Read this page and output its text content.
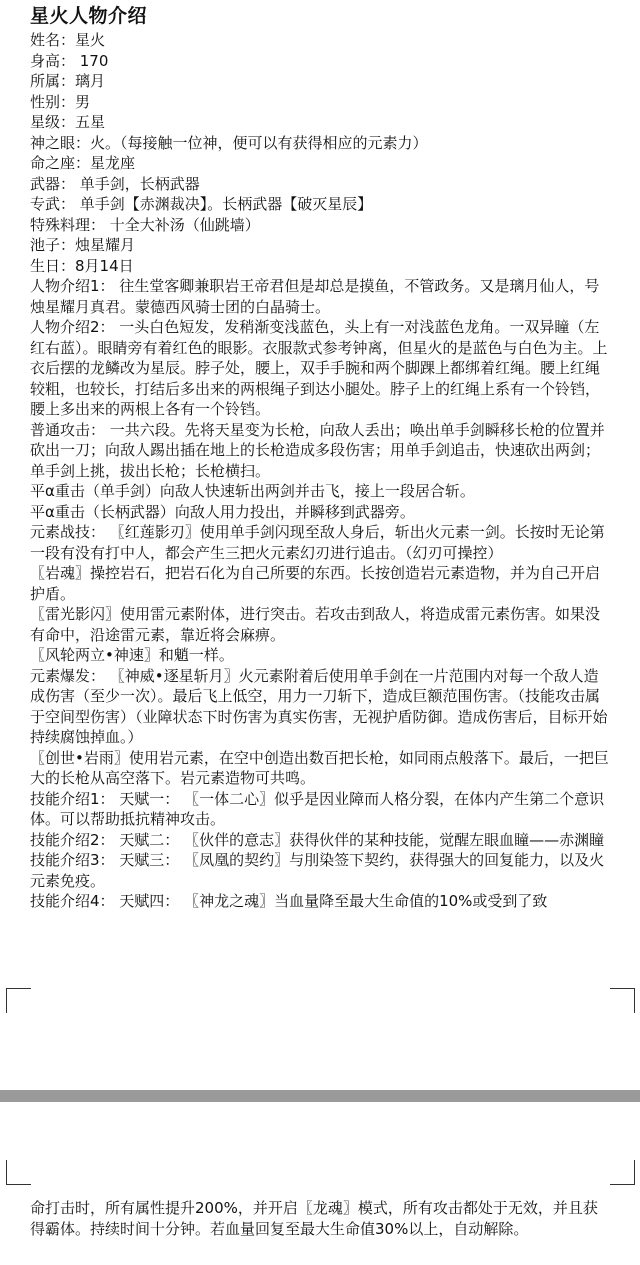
星火人物介绍
姓名：星火
身高： 170
所属：璃月
性别：男
星级：五星
神之眼：火。（每接触一位神，便可以有获得相应的元素力）
命之座：星龙座
武器： 单手剑，长柄武器
专武： 单手剑【赤渊裁决】。长柄武器【破灭星辰】
特殊料理： 十全大补汤（仙跳墙）
池子：烛星耀月
生日：8月14日
人物介绍1： 往生堂客卿兼职岩王帝君但是却总是摸鱼，不管政务。又是璃月仙人，号烛星耀月真君。蒙德西风骑士团的白晶骑士。
人物介绍2： 一头白色短发，发稍渐变浅蓝色，头上有一对浅蓝色龙角。一双异瞳（左红右蓝）。眼睛旁有着红色的眼影。衣服款式参考钟离，但星火的是蓝色与白色为主。上衣后摆的龙鳞改为星辰。脖子处，腰上，双手手腕和两个脚踝上都绑着红绳。腰上红绳较粗，也较长，打结后多出来的两根绳子到达小腿处。脖子上的红绳上系有一个铃铛，腰上多出来的两根上各有一个铃铛。
普通攻击： 一共六段。先将天星变为长枪，向敌人丢出；唤出单手剑瞬移长枪的位置并砍出一刀；向敌人踢出插在地上的长枪造成多段伤害；用单手剑追击，快速砍出两剑；单手剑上挑，拔出长枪；长枪横扫。
平α重击（单手剑）向敌人快速斩出两剑并击飞，接上一段居合斩。
平α重击（长柄武器）向敌人用力投出，并瞬移到武器旁。
元素战技： 〖红莲影刃〗使用单手剑闪现至敌人身后，斩出火元素一剑。长按时无论第一段有没有打中人，都会产生三把火元素幻刃进行追击。（幻刃可操控）
〖岩魂〗操控岩石，把岩石化为自己所要的东西。长按创造岩元素造物，并为自己开启护盾。
〖雷光影闪〗使用雷元素附体，进行突击。若攻击到敌人，将造成雷元素伤害。如果没有命中，沿途雷元素，靠近将会麻痹。
〖风轮两立•神速〗和魈一样。
元素爆发： 〖神威•逐星斩月〗火元素附着后使用单手剑在一片范围内对每一个敌人造成伤害（至少一次）。最后飞上低空，用力一刀斩下，造成巨额范围伤害。（技能攻击属于空间型伤害）（业障状态下时伤害为真实伤害，无视护盾防御。造成伤害后，目标开始持续腐蚀掉血。）
〖创世•岩雨〗使用岩元素，在空中创造出数百把长枪，如同雨点般落下。最后，一把巨大的长枪从高空落下。岩元素造物可共鸣。
技能介绍1： 天赋一： 〖一体二心〗似乎是因业障而人格分裂，在体内产生第二个意识体。可以帮助抵抗精神攻击。
技能介绍2： 天赋二： 〖伙伴的意志〗获得伙伴的某种技能，觉醒左眼血瞳——赤渊瞳
技能介绍3： 天赋三： 〖凤凰的契约〗与刖染签下契约，获得强大的回复能力，以及火元素免疫。
技能介绍4： 天赋四： 〖神龙之魂〗当血量降至最大生命值的10%或受到了致
命打击时，所有属性提升200%，并开启〖龙魂〗模式，所有攻击都处于无效，并且获得霸体。持续时间十分钟。若血量回复至最大生命值30%以上，自动解除。
